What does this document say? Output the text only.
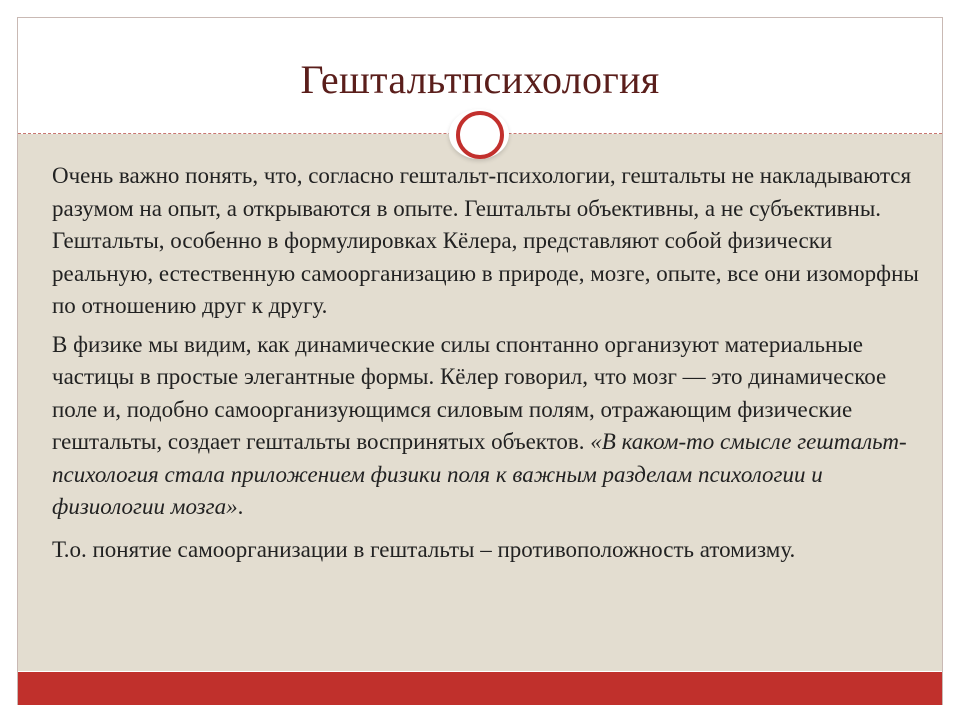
Гештальтпсихология

Очень важно понять, что, согласно гештальт-психологии, гештальты не накладываются разумом на опыт, а открываются в опыте. Гештальты объективны, а не субъективны. Гештальты, особенно в формулировках Кёлера, представляют собой физически реальную, естественную самоорганизацию в природе, мозге, опыте, все они изоморфны по отношению друг к другу.

В физике мы видим, как динамические силы спонтанно организуют материальные частицы в простые элегантные формы. Кёлер говорил, что мозг — это динамическое поле и, подобно самоорганизующимся силовым полям, отражающим физические гештальты, создает гештальты воспринятых объектов. «В каком-то смысле гештальт-психология стала приложением физики поля к важным разделам психологии и физиологии мозга».

Т.о. понятие самоорганизации в гештальты – противоположность атомизму.
